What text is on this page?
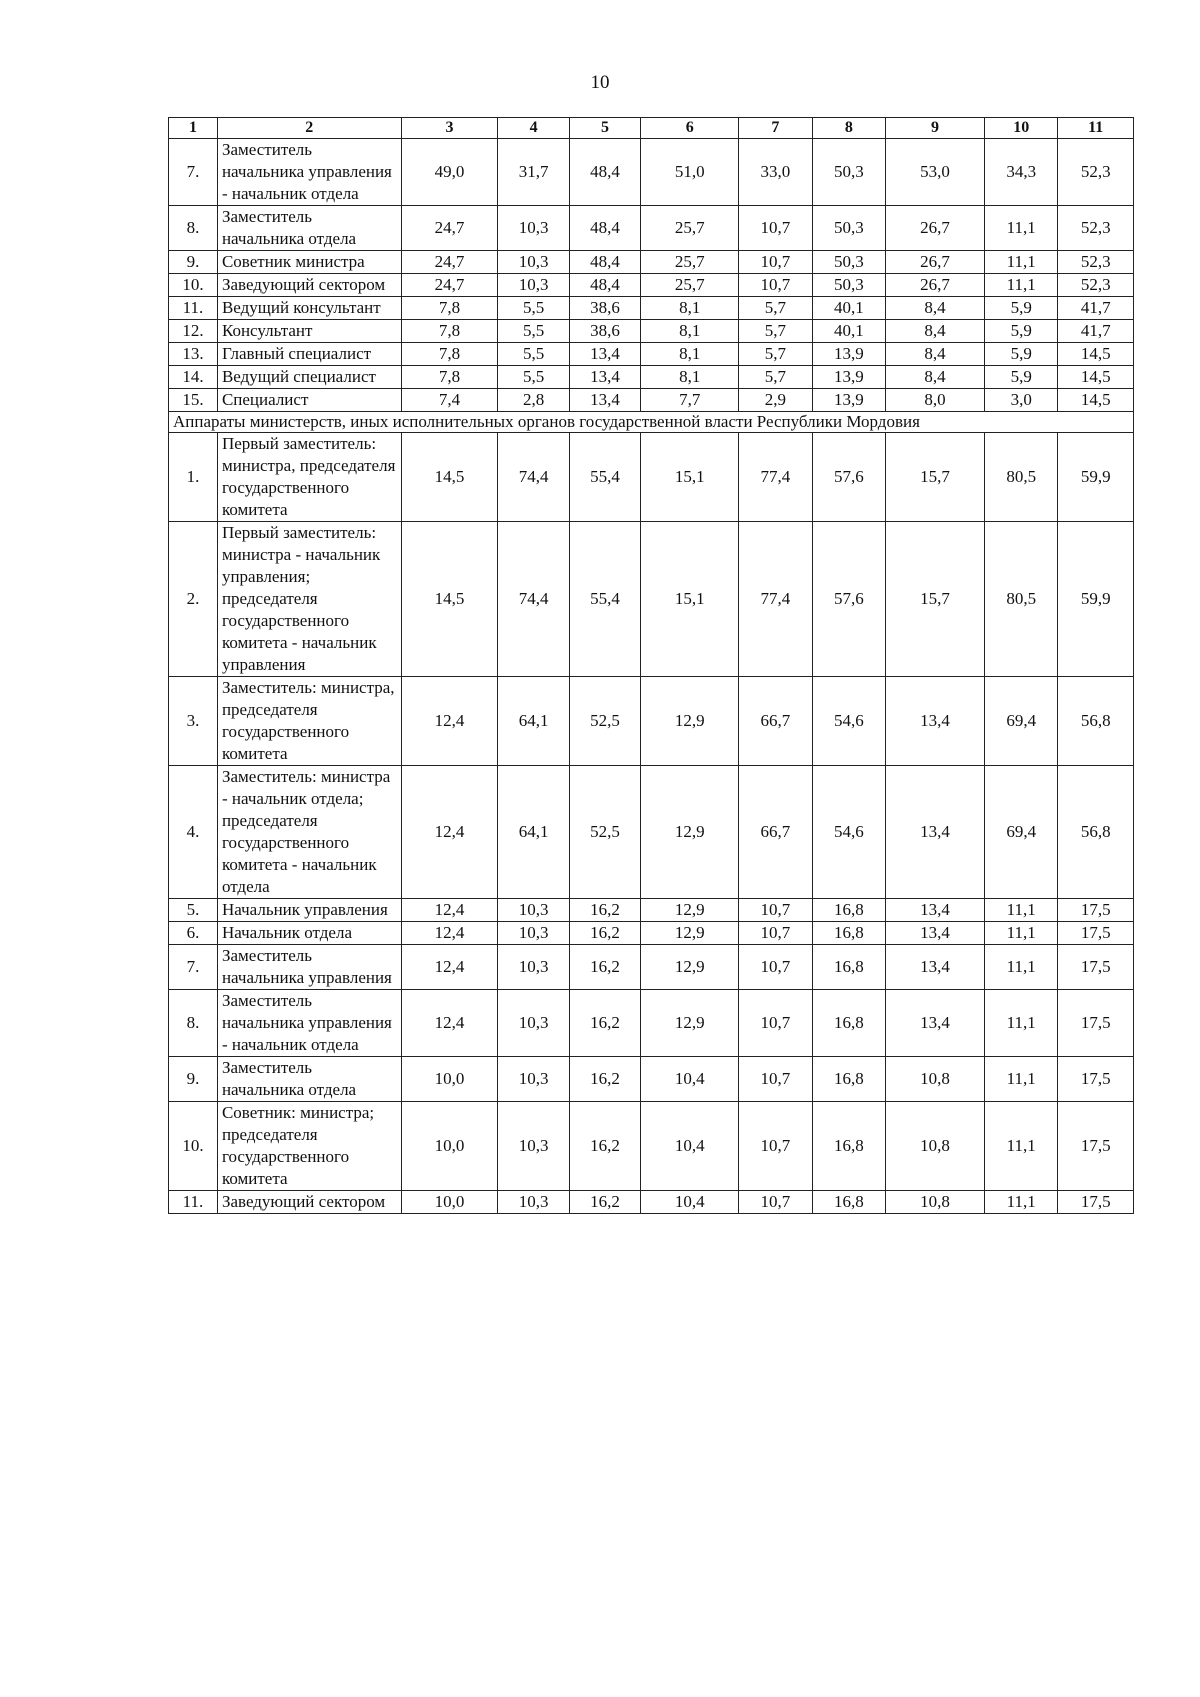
10
1	2	3	4	5	6	7	8	9	10	11
7.	Заместитель начальника управления - начальник отдела	49,0	31,7	48,4	51,0	33,0	50,3	53,0	34,3	52,3
8.	Заместитель начальника отдела	24,7	10,3	48,4	25,7	10,7	50,3	26,7	11,1	52,3
9.	Советник министра	24,7	10,3	48,4	25,7	10,7	50,3	26,7	11,1	52,3
10.	Заведующий сектором	24,7	10,3	48,4	25,7	10,7	50,3	26,7	11,1	52,3
11.	Ведущий консультант	7,8	5,5	38,6	8,1	5,7	40,1	8,4	5,9	41,7
12.	Консультант	7,8	5,5	38,6	8,1	5,7	40,1	8,4	5,9	41,7
13.	Главный специалист	7,8	5,5	13,4	8,1	5,7	13,9	8,4	5,9	14,5
14.	Ведущий специалист	7,8	5,5	13,4	8,1	5,7	13,9	8,4	5,9	14,5
15.	Специалист	7,4	2,8	13,4	7,7	2,9	13,9	8,0	3,0	14,5
Аппараты министерств, иных исполнительных органов государственной власти Республики Мордовия										
1.	Первый заместитель: министра, председателя государственного комитета	14,5	74,4	55,4	15,1	77,4	57,6	15,7	80,5	59,9
2.	Первый заместитель: министра - начальник управления; председателя государственного комитета - начальник управления	14,5	74,4	55,4	15,1	77,4	57,6	15,7	80,5	59,9
3.	Заместитель: министра, председателя государственного комитета	12,4	64,1	52,5	12,9	66,7	54,6	13,4	69,4	56,8
4.	Заместитель: министра - начальник отдела; председателя государственного комитета - начальник отдела	12,4	64,1	52,5	12,9	66,7	54,6	13,4	69,4	56,8
5.	Начальник управления	12,4	10,3	16,2	12,9	10,7	16,8	13,4	11,1	17,5
6.	Начальник отдела	12,4	10,3	16,2	12,9	10,7	16,8	13,4	11,1	17,5
7.	Заместитель начальника управления	12,4	10,3	16,2	12,9	10,7	16,8	13,4	11,1	17,5
8.	Заместитель начальника управления - начальник отдела	12,4	10,3	16,2	12,9	10,7	16,8	13,4	11,1	17,5
9.	Заместитель начальника отдела	10,0	10,3	16,2	10,4	10,7	16,8	10,8	11,1	17,5
10.	Советник: министра; председателя государственного комитета	10,0	10,3	16,2	10,4	10,7	16,8	10,8	11,1	17,5
11.	Заведующий сектором	10,0	10,3	16,2	10,4	10,7	16,8	10,8	11,1	17,5
